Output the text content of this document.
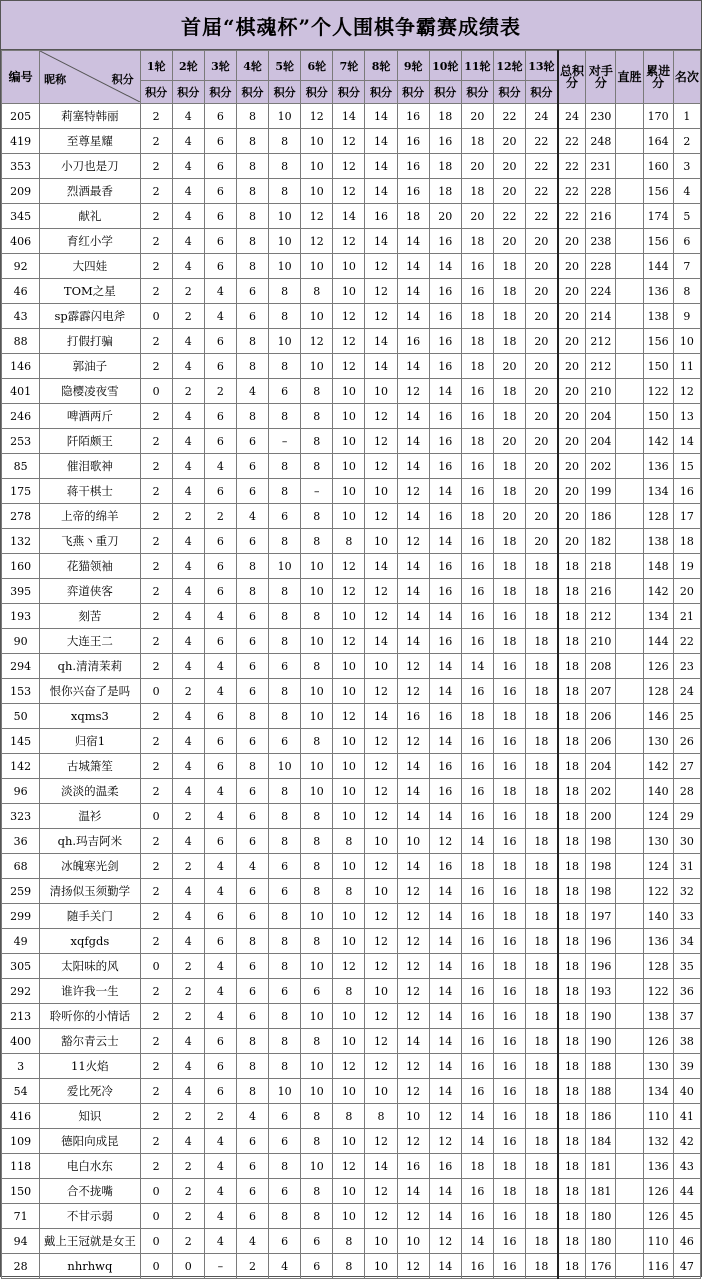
首届“棋魂杯”个人围棋争霸赛成绩表
编号	昵称 积分	1轮	2轮	3轮	4轮	5轮	6轮	7轮	8轮	9轮	10轮	11轮	12轮	13轮	总积分	对手分	直胜	累进分	名次
		积分	积分	积分	积分	积分	积分	积分	积分	积分	积分	积分	积分	积分					
205	莉塞特韩丽	2	4	6	8	10	12	14	14	16	18	20	22	24	24	230		170	1
419	至尊星耀	2	4	6	8	8	10	12	14	16	16	18	20	22	22	248		164	2
353	小刀也是刀	2	4	6	8	8	10	12	14	16	18	20	20	22	22	231		160	3
209	烈酒最香	2	4	6	8	8	10	12	14	16	18	18	20	22	22	228		156	4
345	献礼	2	4	6	8	10	12	14	16	18	20	20	22	22	22	216		174	5
406	育红小学	2	4	6	8	10	12	12	14	14	16	18	20	20	20	238		156	6
92	大四娃	2	4	6	8	10	10	10	12	14	14	16	18	20	20	228		144	7
46	TOM之星	2	2	4	6	8	8	10	12	14	16	16	18	20	20	224		136	8
43	sp霹霹闪电斧	0	2	4	6	8	10	12	12	14	16	18	18	20	20	214		138	9
88	打假打骗	2	4	6	8	10	12	12	14	16	16	18	18	20	20	212		156	10
146	郭油子	2	4	6	8	8	10	12	14	14	16	18	20	20	20	212		150	11
401	隐樱凌夜雪	0	2	2	4	6	8	10	10	12	14	16	18	20	20	210		122	12
246	啤酒两斤	2	4	6	8	8	8	10	12	14	16	16	18	20	20	204		150	13
253	阡陌颇王	2	4	6	6	–	8	10	12	14	16	18	20	20	20	204		142	14
85	催泪歌神	2	4	4	6	8	8	10	12	14	16	16	18	20	20	202		136	15
175	蒋干棋士	2	4	6	6	8	–	10	10	12	14	16	18	20	20	199		134	16
278	上帝的绵羊	2	2	2	4	6	8	10	12	14	16	18	20	20	20	186		128	17
132	飞燕丶重刀	2	4	6	6	8	8	8	10	12	14	16	18	20	20	182		138	18
160	花猫领袖	2	4	6	8	10	10	12	14	14	16	16	18	18	18	218		148	19
395	弈道侠客	2	4	6	8	8	10	12	12	14	16	16	18	18	18	216		142	20
193	刻苦	2	4	4	6	8	8	10	12	14	14	16	16	18	18	212		134	21
90	大连王二	2	4	6	6	8	10	12	14	14	16	16	18	18	18	210		144	22
294	qh.清清茉莉	2	4	4	6	6	8	10	10	12	14	14	16	18	18	208		126	23
153	恨你兴奋了是吗	0	2	4	6	8	10	10	12	12	14	16	16	18	18	207		128	24
50	xqms3	2	4	6	8	8	10	12	14	16	16	18	18	18	18	206		146	25
145	归宿1	2	4	6	6	6	8	10	12	12	14	16	16	18	18	206		130	26
142	古城箫笙	2	4	6	8	10	10	10	12	14	16	16	16	18	18	204		142	27
96	淡淡的温柔	2	4	4	6	8	10	10	12	14	16	16	18	18	18	202		140	28
323	温衫	0	2	4	6	8	8	10	12	14	14	16	16	18	18	200		124	29
36	qh.玛吉阿米	2	4	6	6	8	8	8	10	10	12	14	16	18	18	198		130	30
68	冰魄寒光剑	2	2	4	4	6	8	10	12	14	16	18	18	18	18	198		124	31
259	清扬似玉须勤学	2	4	4	6	6	8	8	10	12	14	16	16	18	18	198		122	32
299	随手关门	2	4	6	6	8	10	10	12	12	14	16	18	18	18	197		140	33
49	xqfgds	2	4	6	8	8	8	10	12	12	14	16	16	18	18	196		136	34
305	太阳味的风	0	2	4	6	8	10	12	12	12	14	16	18	18	18	196		128	35
292	谁许我一生	2	2	4	6	6	6	8	10	12	14	16	16	18	18	193		122	36
213	聆听你的小情话	2	2	4	6	8	10	10	12	12	14	16	16	18	18	190		138	37
400	豁尔青云士	2	4	6	8	8	8	10	12	14	14	16	16	18	18	190		126	38
3	11火焰	2	4	6	8	8	10	12	12	12	14	16	16	18	18	188		130	39
54	爱比死冷	2	4	6	8	10	10	10	10	12	14	16	16	18	18	188		134	40
416	知识	2	2	2	4	6	8	8	8	10	12	14	16	18	18	186		110	41
109	德阳向成昆	2	4	4	6	6	8	10	12	12	12	14	16	18	18	184		132	42
118	电白水东	2	2	4	6	8	10	12	14	16	16	18	18	18	18	181		136	43
150	合不拢嘴	0	2	4	6	6	8	10	12	14	14	16	18	18	18	181		126	44
71	不甘示弱	0	2	4	6	8	8	10	12	12	14	16	16	18	18	180		126	45
94	戴上王冠就是女王	0	2	4	4	6	6	8	10	10	12	14	16	18	18	180		110	46
28	nhrhwq	0	0	–	2	4	6	8	10	12	14	16	16	18	18	176		116	47
